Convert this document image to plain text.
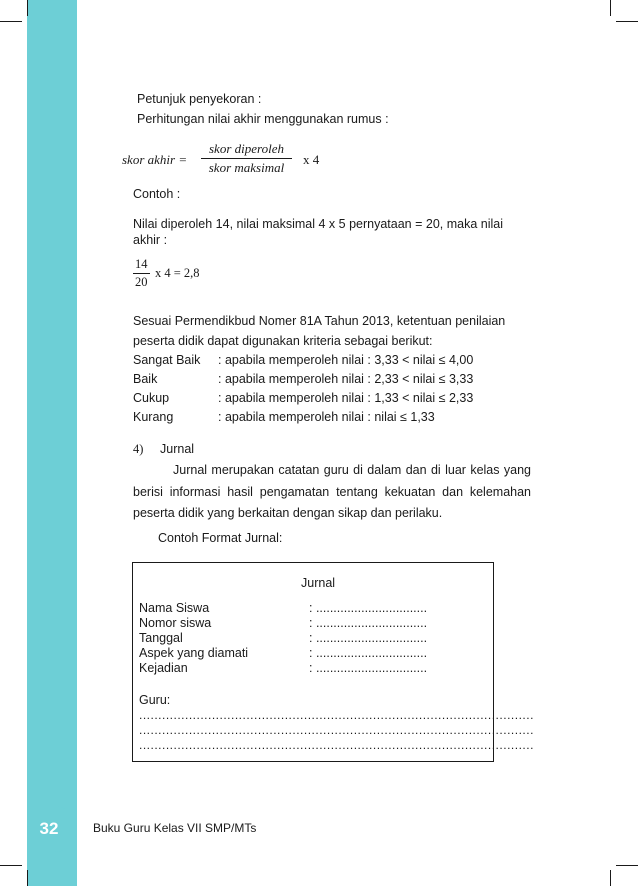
Petunjuk penyekoran :
Perhitungan nilai akhir menggunakan rumus :
skor akhir =
skor diperoleh
skor maksimal
x 4
Contoh :
Nilai diperoleh 14, nilai maksimal 4 x 5 pernyataan = 20, maka nilai
akhir :
$\frac{14}{20}$ x 4 = 2,8
Sesuai Permendikbud Nomer 81A Tahun 2013, ketentuan penilaian
peserta didik dapat digunakan kriteria sebagai berikut:
Sangat Baik : apabila memperoleh nilai : 3,33 < nilai ≤ 4,00
Baik	: apabila memperoleh nilai : 2,33 < nilai ≤ 3,33
Cukup	: apabila memperoleh nilai : 1,33 < nilai ≤ 2,33
Kurang	: apabila memperoleh nilai : nilai ≤ 1,33
4) Jurnal
Jurnal merupakan catatan guru di dalam dan di luar kelas yang
berisi informasi hasil pengamatan tentang kekuatan dan kelemahan
peserta didik yang berkaitan dengan sikap dan perilaku.
Contoh Format Jurnal:
Jurnal
Nama Siswa	: ................................
Nomor siswa	: ................................
Tanggal	: ................................
Aspek yang diamati	: ................................
Kejadian	: ................................
Guru:
.......................................................................................................
.......................................................................................................
.......................................................................................................
32	Buku Guru Kelas VII SMP/MTs
